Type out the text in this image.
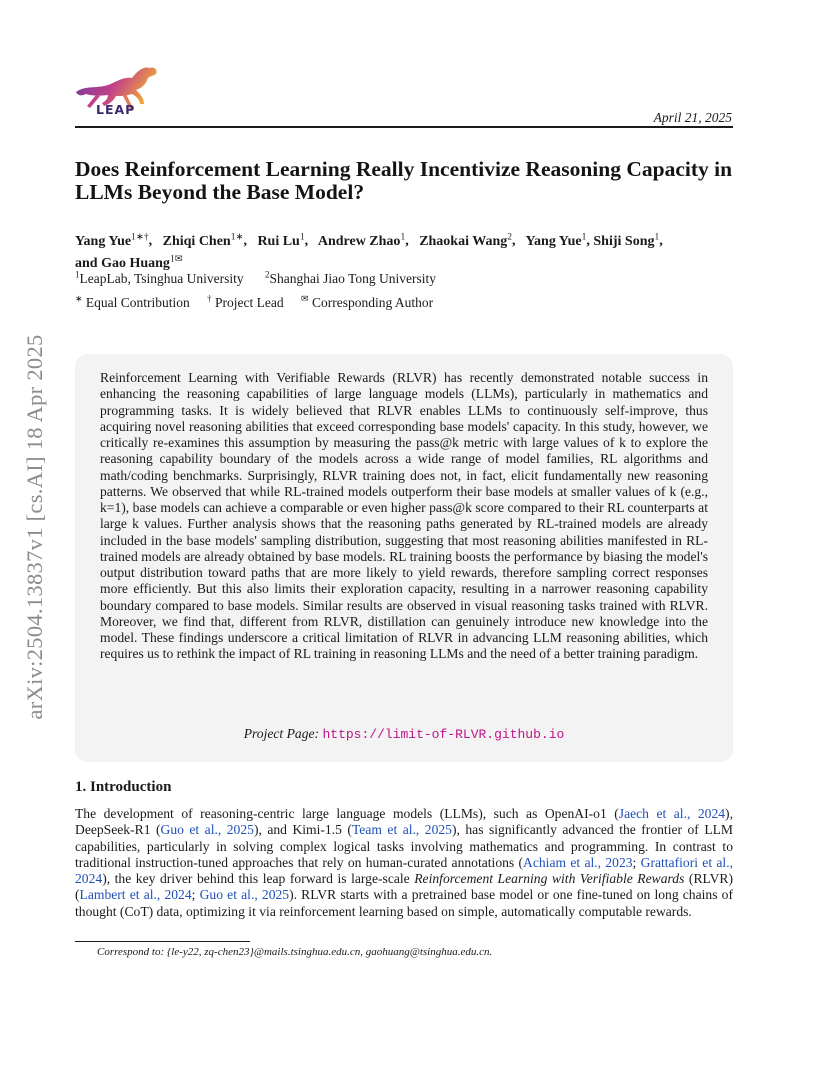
arXiv:2504.13837v1 [cs.AI] 18 Apr 2025
LEAP
April 21, 2025
Does Reinforcement Learning Really Incentivize Reasoning Capacity in LLMs Beyond the Base Model?
Yang Yue$^{1∗\dagger}$,   Zhiqi Chen$^{1∗}$,   Rui Lu$^1$,   Andrew Zhao$^1$,   Zhaokai Wang$^2$,   Yang Yue$^1$, Shiji Song$^1$, and Gao Huang$^{1✉}$
$^1$LeapLab, Tsinghua University $^2$Shanghai Jiao Tong University
∗ Equal Contribution † Project Lead ✉ Corresponding Author

Reinforcement Learning with Verifiable Rewards (RLVR) has recently demonstrated notable success in enhancing the reasoning capabilities of large language models (LLMs), particularly in mathematics and programming tasks. It is widely believed that RLVR enables LLMs to continuously self-improve, thus acquiring novel reasoning abilities that exceed corresponding base models' capacity. In this study, however, we critically re-examines this assumption by measuring the pass@k metric with large values of k to explore the reasoning capability boundary of the models across a wide range of model families, RL algorithms and math/coding benchmarks. Surprisingly, RLVR training does not, in fact, elicit fundamentally new reasoning patterns. We observed that while RL-trained models outperform their base models at smaller values of k (e.g., k=1), base models can achieve a comparable or even higher pass@k score compared to their RL counterparts at large k values. Further analysis shows that the reasoning paths generated by RL-trained models are already included in the base models' sampling distribution, suggesting that most reasoning abilities manifested in RL-trained models are already obtained by base models. RL training boosts the performance by biasing the model's output distribution toward paths that are more likely to yield rewards, therefore sampling correct responses more efficiently. But this also limits their exploration capacity, resulting in a narrower reasoning capability boundary compared to base models. Similar results are observed in visual reasoning tasks trained with RLVR. Moreover, we find that, different from RLVR, distillation can genuinely introduce new knowledge into the model. These findings underscore a critical limitation of RLVR in advancing LLM reasoning abilities, which requires us to rethink the impact of RL training in reasoning LLMs and the need of a better training paradigm.

Project Page: https://limit-of-RLVR.github.io
1. Introduction

The development of reasoning-centric large language models (LLMs), such as OpenAI-o1 (Jaech et al., 2024), DeepSeek-R1 (Guo et al., 2025), and Kimi-1.5 (Team et al., 2025), has significantly advanced the frontier of LLM capabilities, particularly in solving complex logical tasks involving mathematics and programming. In contrast to traditional instruction-tuned approaches that rely on human-curated annotations (Achiam et al., 2023; Grattafiori et al., 2024), the key driver behind this leap forward is large-scale Reinforcement Learning with Verifiable Rewards (RLVR) (Lambert et al., 2024; Guo et al., 2025). RLVR starts with a pretrained base model or one fine-tuned on long chains of thought (CoT) data, optimizing it via reinforcement learning based on simple, automatically computable rewards.

Correspond to: {le-y22, zq-chen23}@mails.tsinghua.edu.cn, gaohuang@tsinghua.edu.cn.
